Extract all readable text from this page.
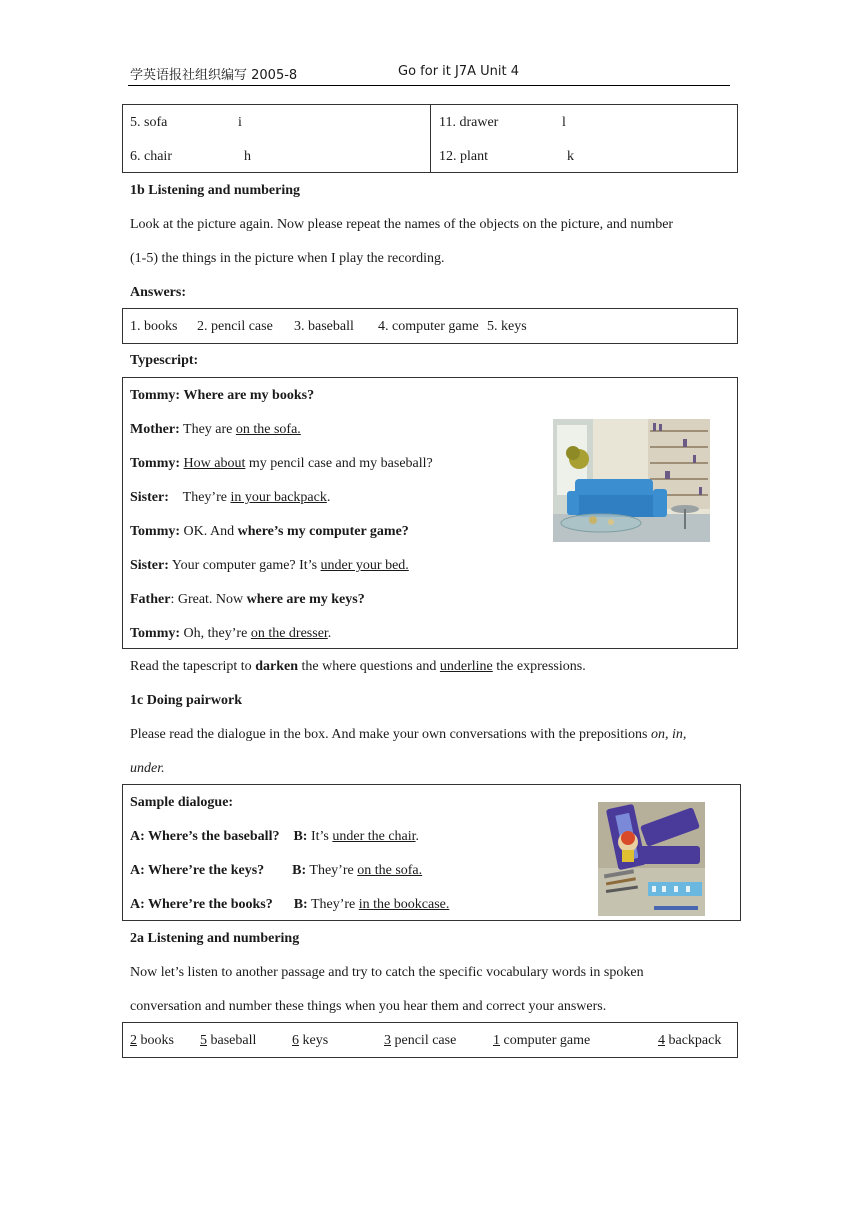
学英语报社组织编写 2005-8	Go for it J7A Unit 4
5. sofa	i	11. drawer	l
6. chair	h	12. plant	k
1b Listening and numbering
Look at the picture again. Now please repeat the names of the objects on the picture, and number
(1-5) the things in the picture when I play the recording.
Answers:
1. books 2. pencil case 3. baseball 4. computer game 5. keys
Typescript:
Tommy: Where are my books?
Mother: They are on the sofa.
Tommy: How about my pencil case and my baseball?
Sister: They’re in your backpack.
Tommy: OK. And where’s my computer game?
Sister: Your computer game? It’s under your bed.
Father: Great. Now where are my keys?
Tommy: Oh, they’re on the dresser.
Read the tapescript to darken the where questions and underline the expressions.
1c Doing pairwork
Please read the dialogue in the box. And make your own conversations with the prepositions on, in,
under.
Sample dialogue:
A: Where’s the baseball? B: It’s under the chair.
A: Where’re the keys? B: They’re on the sofa.
A: Where’re the books? B: They’re in the bookcase.
2a Listening and numbering
Now let’s listen to another passage and try to catch the specific vocabulary words in spoken
conversation and number these things when you hear them and correct your answers.
2 books 5 baseball	6 keys	3 pencil case	1 computer game	4 backpack
